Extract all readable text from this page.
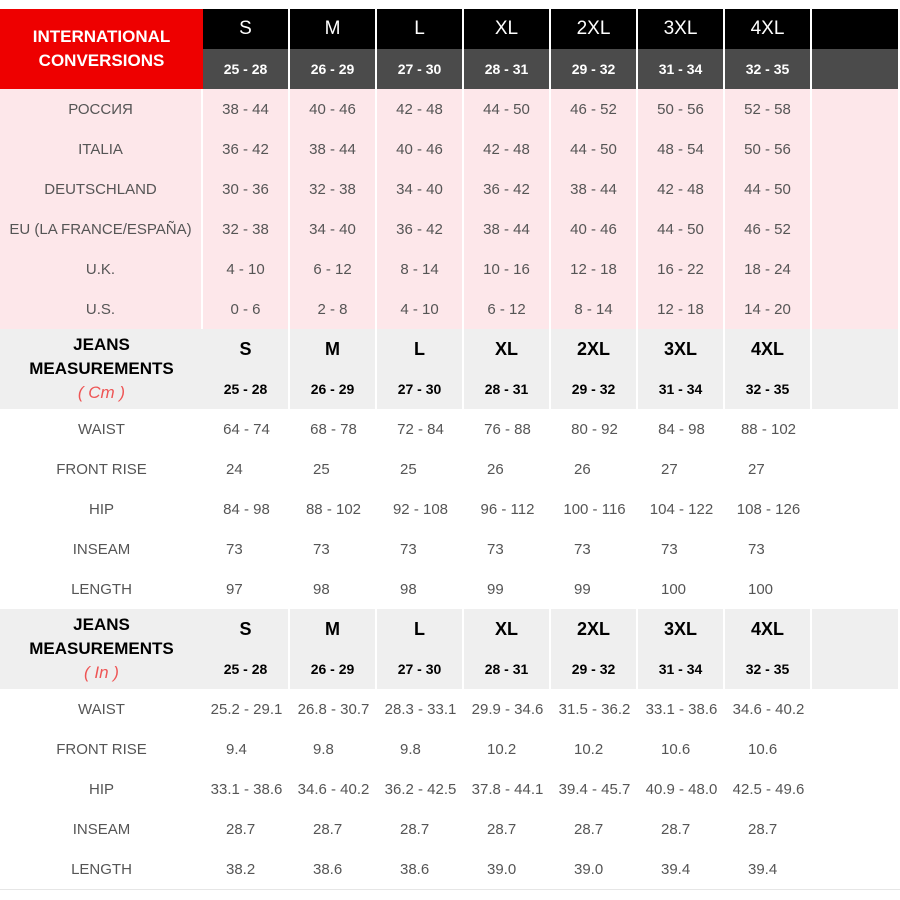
INTERNATIONAL
CONVERSIONS
S	M	L	XL	2XL	3XL	4XL
25 - 28	26 - 29	27 - 30	28 - 31	29 - 32	31 - 34	32 - 35
РОССИЯ	38 - 44	40 - 46	42 - 48	44 - 50	46 - 52	50 - 56	52 - 58
ITALIA	36 - 42	38 - 44	40 - 46	42 - 48	44 - 50	48 - 54	50 - 56
DEUTSCHLAND	30 - 36	32 - 38	34 - 40	36 - 42	38 - 44	42 - 48	44 - 50
EU (LA FRANCE/ESPAÑA)	32 - 38	34 - 40	36 - 42	38 - 44	40 - 46	44 - 50	46 - 52
U.K.	4 - 10	6 - 12	8 - 14	10 - 16	12 - 18	16 - 22	18 - 24
U.S.	0 - 6	2 - 8	4 - 10	6 - 12	8 - 14	12 - 18	14 - 20
JEANS
MEASUREMENTS
( Cm )
S	M	L	XL	2XL	3XL	4XL
25 - 28	26 - 29	27 - 30	28 - 31	29 - 32	31 - 34	32 - 35
WAIST	64 - 74	68 - 78	72 - 84	76 - 88	80 - 92	84 - 98	88 - 102
FRONT RISE	24	25	25	26	26	27	27
HIP	84 - 98	88 - 102	92 - 108	96 - 112	100 - 116	104 - 122	108 - 126
INSEAM	73	73	73	73	73	73	73
LENGTH	97	98	98	99	99	100	100
JEANS
MEASUREMENTS
( In )
S	M	L	XL	2XL	3XL	4XL
25 - 28	26 - 29	27 - 30	28 - 31	29 - 32	31 - 34	32 - 35
WAIST	25.2 - 29.1	26.8 - 30.7	28.3 - 33.1	29.9 - 34.6	31.5 - 36.2	33.1 - 38.6	34.6 - 40.2
FRONT RISE	9.4	9.8	9.8	10.2	10.2	10.6	10.6
HIP	33.1 - 38.6	34.6 - 40.2	36.2 - 42.5	37.8 - 44.1	39.4 - 45.7	40.9 - 48.0	42.5 - 49.6
INSEAM	28.7	28.7	28.7	28.7	28.7	28.7	28.7
LENGTH	38.2	38.6	38.6	39.0	39.0	39.4	39.4
